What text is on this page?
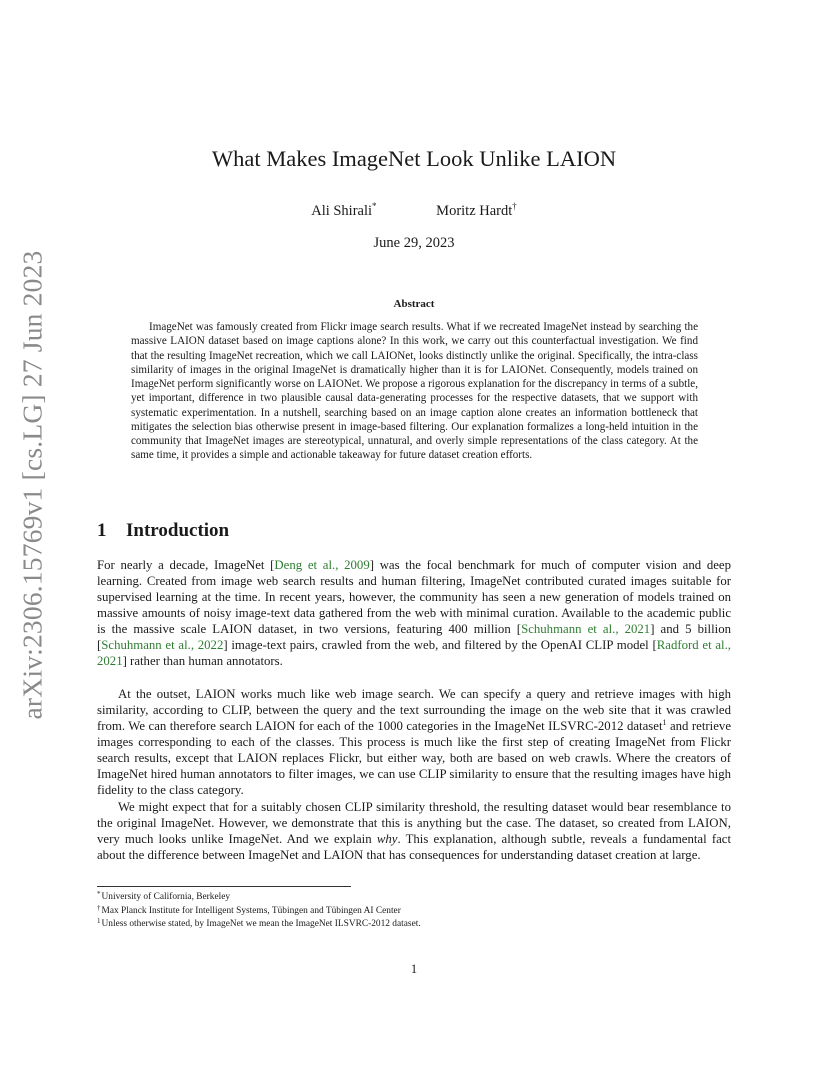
arXiv:2306.15769v1 [cs.LG] 27 Jun 2023
What Makes ImageNet Look Unlike LAION
Ali Shirali*	Moritz Hardt†
June 29, 2023
Abstract

ImageNet was famously created from Flickr image search results. What if we recreated ImageNet instead by searching the massive LAION dataset based on image captions alone? In this work, we carry out this counterfactual investigation. We find that the resulting ImageNet recreation, which we call LAIONet, looks distinctly unlike the original. Specifically, the intra-class similarity of images in the original ImageNet is dramatically higher than it is for LAIONet. Consequently, models trained on ImageNet perform significantly worse on LAIONet. We propose a rigorous explanation for the discrepancy in terms of a subtle, yet important, difference in two plausible causal data-generating processes for the respective datasets, that we support with systematic experimentation. In a nutshell, searching based on an image caption alone creates an information bottleneck that mitigates the selection bias otherwise present in image-based filtering. Our explanation formalizes a long-held intuition in the community that ImageNet images are stereotypical, unnatural, and overly simple representations of the class category. At the same time, it provides a simple and actionable takeaway for future dataset creation efforts.

1 Introduction

For nearly a decade, ImageNet [Deng et al., 2009] was the focal benchmark for much of computer vision and deep learning. Created from image web search results and human filtering, ImageNet contributed curated images suitable for supervised learning at the time. In recent years, however, the community has seen a new generation of models trained on massive amounts of noisy image-text data gathered from the web with minimal curation. Available to the academic public is the massive scale LAION dataset, in two versions, featuring 400 million [Schuhmann et al., 2021] and 5 billion [Schuhmann et al., 2022] image-text pairs, crawled from the web, and filtered by the OpenAI CLIP model [Radford et al., 2021] rather than human annotators.

At the outset, LAION works much like web image search. We can specify a query and retrieve images with high similarity, according to CLIP, between the query and the text surrounding the image on the web site that it was crawled from. We can therefore search LAION for each of the 1000 categories in the ImageNet ILSVRC-2012 dataset$^1$ and retrieve images corresponding to each of the classes. This process is much like the first step of creating ImageNet from Flickr search results, except that LAION replaces Flickr, but either way, both are based on web crawls. Where the creators of ImageNet hired human annotators to filter images, we can use CLIP similarity to ensure that the resulting images have high fidelity to the class category.

We might expect that for a suitably chosen CLIP similarity threshold, the resulting dataset would bear resemblance to the original ImageNet. However, we demonstrate that this is anything but the case. The dataset, so created from LAION, very much looks unlike ImageNet. And we explain why. This explanation, although subtle, reveals a fundamental fact about the difference between ImageNet and LAION that has consequences for understanding dataset creation at large.

*University of California, Berkeley
†Max Planck Institute for Intelligent Systems, Tübingen and Tübingen AI Center
$^1$Unless otherwise stated, by ImageNet we mean the ImageNet ILSVRC-2012 dataset.
1
